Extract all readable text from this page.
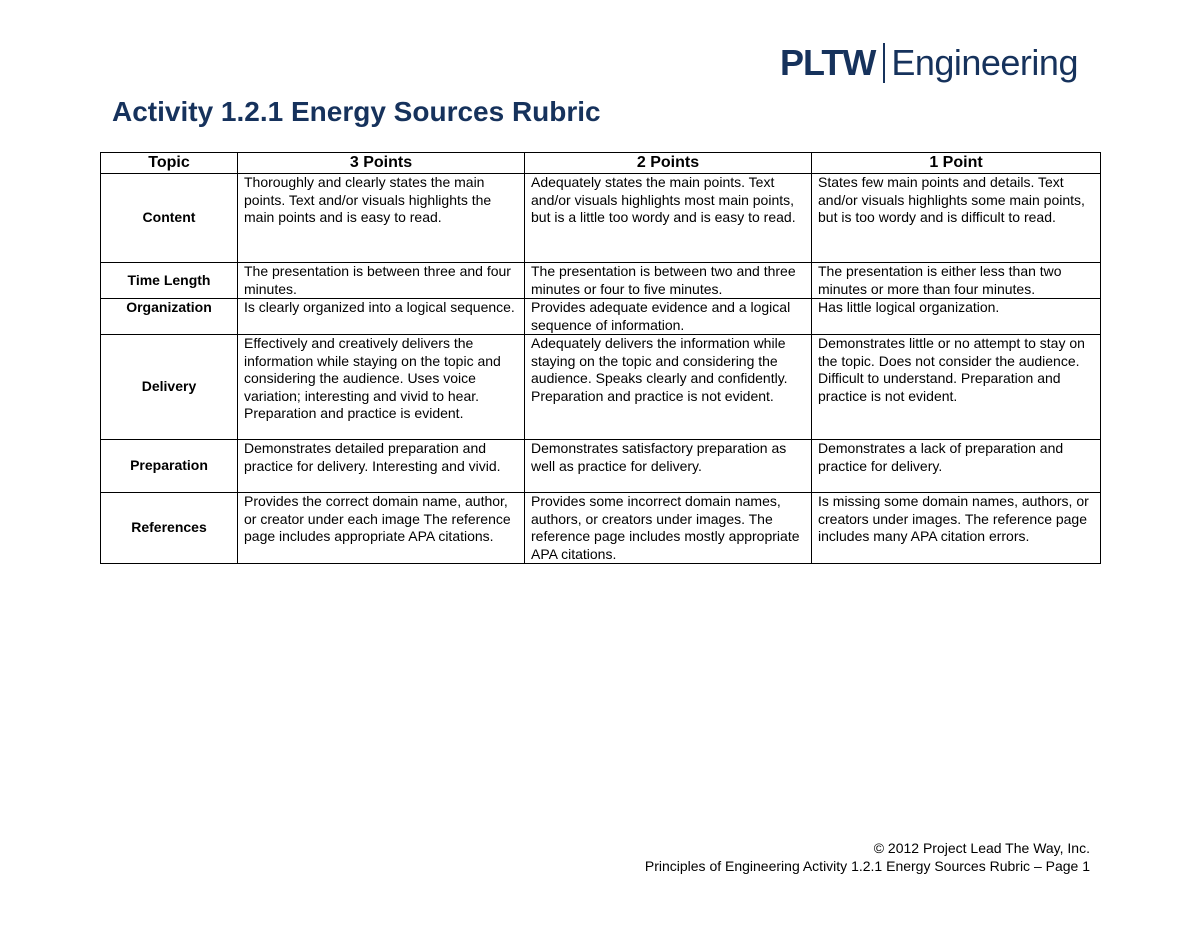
PLTW Engineering
Activity 1.2.1 Energy Sources Rubric
Topic	3 Points	2 Points	1 Point
Content	Thoroughly and clearly states the main points. Text and/or visuals highlights the main points and is easy to read.	Adequately states the main points. Text and/or visuals highlights most main points, but is a little too wordy and is easy to read.	States few main points and details. Text and/or visuals highlights some main points, but is too wordy and is difficult to read.
Time Length	The presentation is between three and four minutes.	The presentation is between two and three minutes or four to five minutes.	The presentation is either less than two minutes or more than four minutes.
Organization	Is clearly organized into a logical sequence.	Provides adequate evidence and a logical sequence of information.	Has little logical organization.
Delivery	Effectively and creatively delivers the information while staying on the topic and considering the audience. Uses voice variation; interesting and vivid to hear. Preparation and practice is evident.	Adequately delivers the information while staying on the topic and considering the audience. Speaks clearly and confidently. Preparation and practice is not evident.	Demonstrates little or no attempt to stay on the topic. Does not consider the audience. Difficult to understand. Preparation and practice is not evident.
Preparation	Demonstrates detailed preparation and practice for delivery. Interesting and vivid.	Demonstrates satisfactory preparation as well as practice for delivery.	Demonstrates a lack of preparation and practice for delivery.
References	Provides the correct domain name, author, or creator under each image The reference page includes appropriate APA citations.	Provides some incorrect domain names, authors, or creators under images. The reference page includes mostly appropriate APA citations.	Is missing some domain names, authors, or creators under images. The reference page includes many APA citation errors.
© 2012 Project Lead The Way, Inc.
Principles of Engineering Activity 1.2.1 Energy Sources Rubric – Page 1
